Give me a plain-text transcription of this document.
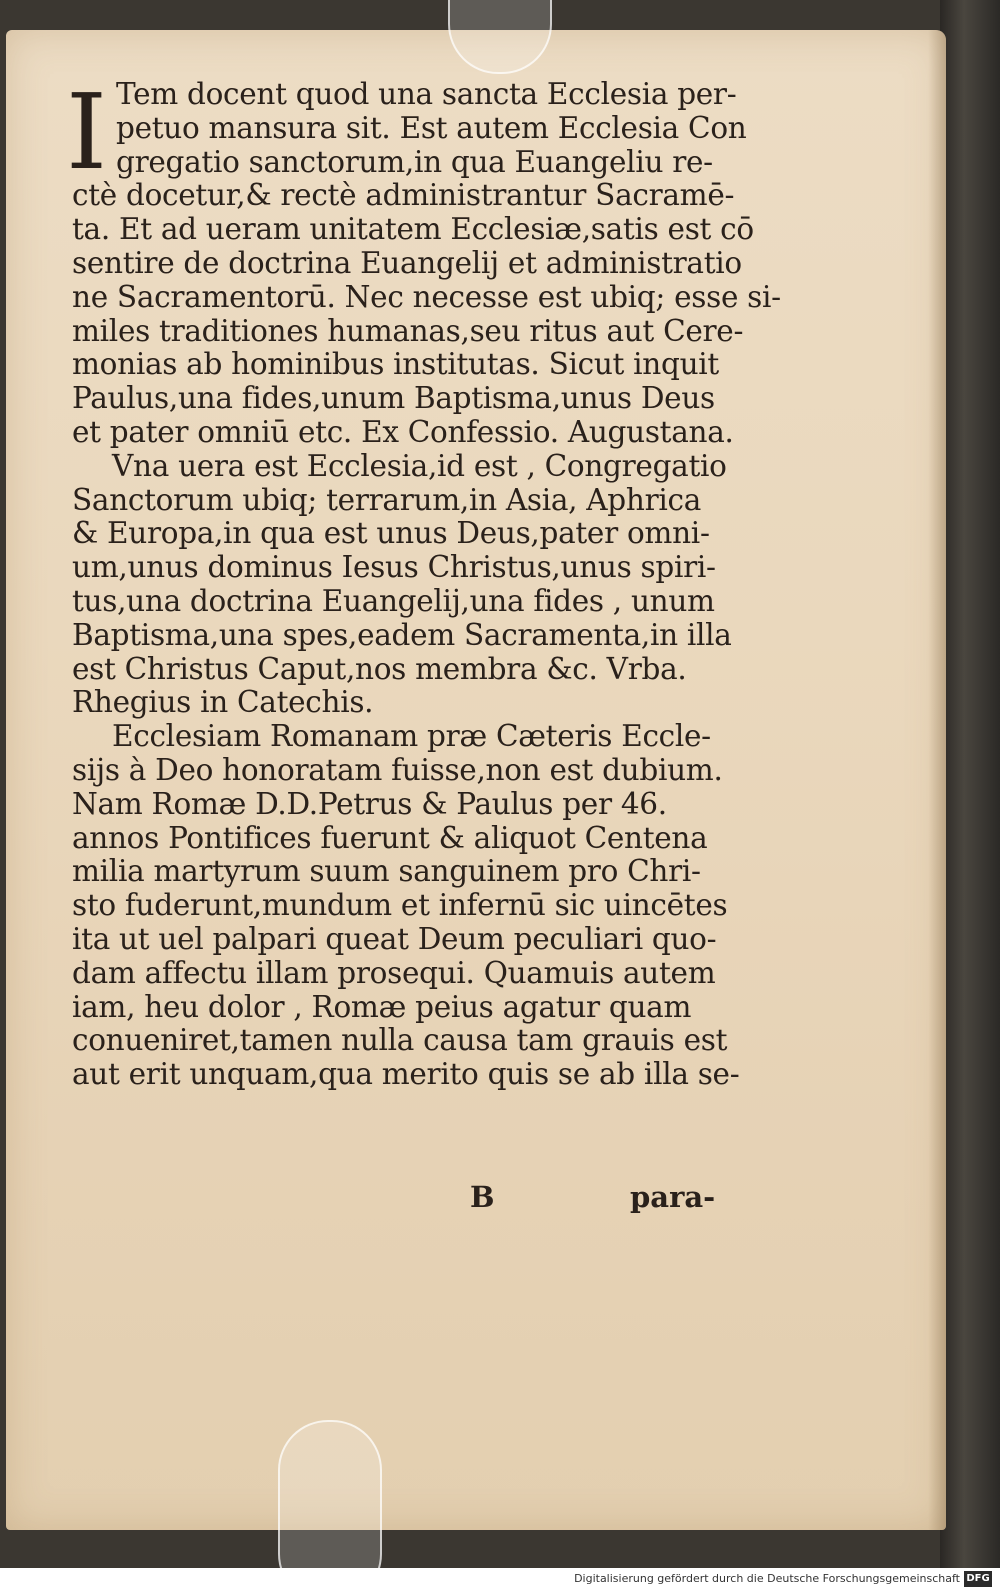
I Tem docent quod una sancta Ecclesia per-
petuo mansura sit. Est autem Ecclesia Con
gregatio sanctorum,in qua Euangeliu re-
ctè docetur,& rectè administrantur Sacramē-
ta. Et ad ueram unitatem Ecclesiæ,satis est cō
sentire de doctrina Euangelij et administratio
ne Sacramentorū. Nec necesse est ubiq; esse si-
miles traditiones humanas,seu ritus aut Cere-
monias ab hominibus institutas. Sicut inquit
Paulus,una fides,unum Baptisma,unus Deus
et pater omniū etc. Ex Confessio. Augustana.
Vna uera est Ecclesia,id est , Congregatio
Sanctorum ubiq; terrarum,in Asia, Aphrica
& Europa,in qua est unus Deus,pater omni-
um,unus dominus Iesus Christus,unus spiri-
tus,una doctrina Euangelij,una fides , unum
Baptisma,una spes,eadem Sacramenta,in illa
est Christus Caput,nos membra &c. Vrba.
Rhegius in Catechis.
Ecclesiam Romanam præ Cæteris Eccle-
sijs à Deo honoratam fuisse,non est dubium.
Nam Romæ D.D.Petrus & Paulus per 46.
annos Pontifices fuerunt & aliquot Centena
milia martyrum suum sanguinem pro Chri-
sto fuderunt,mundum et infernū sic uincētes
ita ut uel palpari queat Deum peculiari quo-
dam affectu illam prosequi. Quamuis autem
iam, heu dolor , Romæ peius agatur quam
conueniret,tamen nulla causa tam grauis est
aut erit unquam,qua merito quis se ab illa se-
B	para-
Digitalisierung gefördert durch die Deutsche Forschungsgemeinschaft DFG
